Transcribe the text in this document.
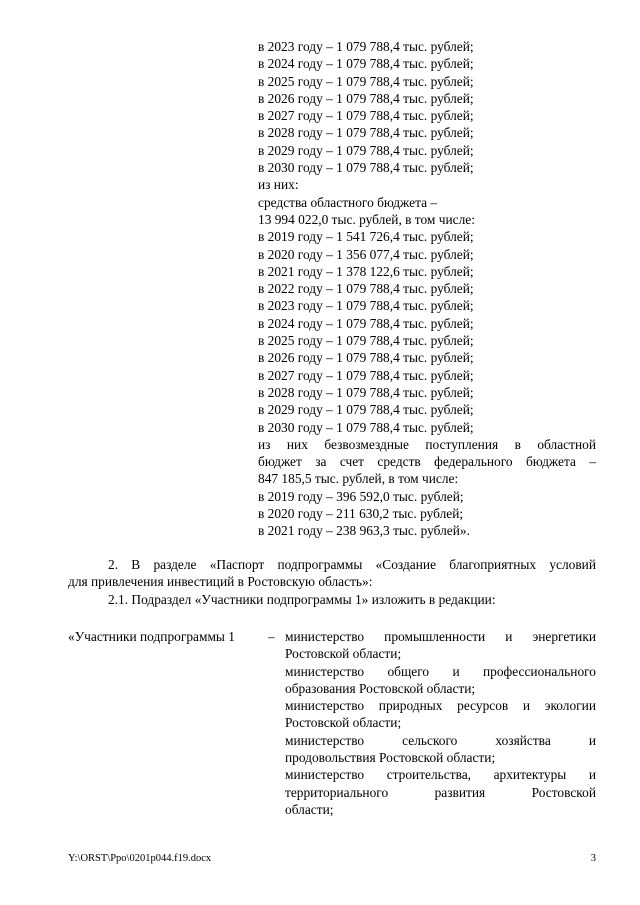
в 2023 году – 1 079 788,4 тыс. рублей;
в 2024 году – 1 079 788,4 тыс. рублей;
в 2025 году – 1 079 788,4 тыс. рублей;
в 2026 году – 1 079 788,4 тыс. рублей;
в 2027 году – 1 079 788,4 тыс. рублей;
в 2028 году – 1 079 788,4 тыс. рублей;
в 2029 году – 1 079 788,4 тыс. рублей;
в 2030 году – 1 079 788,4 тыс. рублей;
из них:
средства областного бюджета –
13 994 022,0 тыс. рублей, в том числе:
в 2019 году – 1 541 726,4 тыс. рублей;
в 2020 году – 1 356 077,4 тыс. рублей;
в 2021 году – 1 378 122,6 тыс. рублей;
в 2022 году – 1 079 788,4 тыс. рублей;
в 2023 году – 1 079 788,4 тыс. рублей;
в 2024 году – 1 079 788,4 тыс. рублей;
в 2025 году – 1 079 788,4 тыс. рублей;
в 2026 году – 1 079 788,4 тыс. рублей;
в 2027 году – 1 079 788,4 тыс. рублей;
в 2028 году – 1 079 788,4 тыс. рублей;
в 2029 году – 1 079 788,4 тыс. рублей;
в 2030 году – 1 079 788,4 тыс. рублей;
из них безвозмездные поступления в областной
бюджет за счет средств федерального бюджета –
847 185,5 тыс. рублей, в том числе:
в 2019 году – 396 592,0 тыс. рублей;
в 2020 году – 211 630,2 тыс. рублей;
в 2021 году – 238 963,3 тыс. рублей».
2. В разделе «Паспорт подпрограммы «Создание благоприятных условий
для привлечения инвестиций в Ростовскую область»:
2.1. Подраздел «Участники подпрограммы 1» изложить в редакции:
«Участники подпрограммы 1 – министерство промышленности и энергетики
Ростовской области;
министерство общего и профессионального
образования Ростовской области;
министерство природных ресурсов и экологии
Ростовской области;
министерство сельского хозяйства и
продовольствия Ростовской области;
министерство строительства, архитектуры и
территориального развития Ростовской
области;
Y:\ORST\Ppo\0201p044.f19.docx	3
